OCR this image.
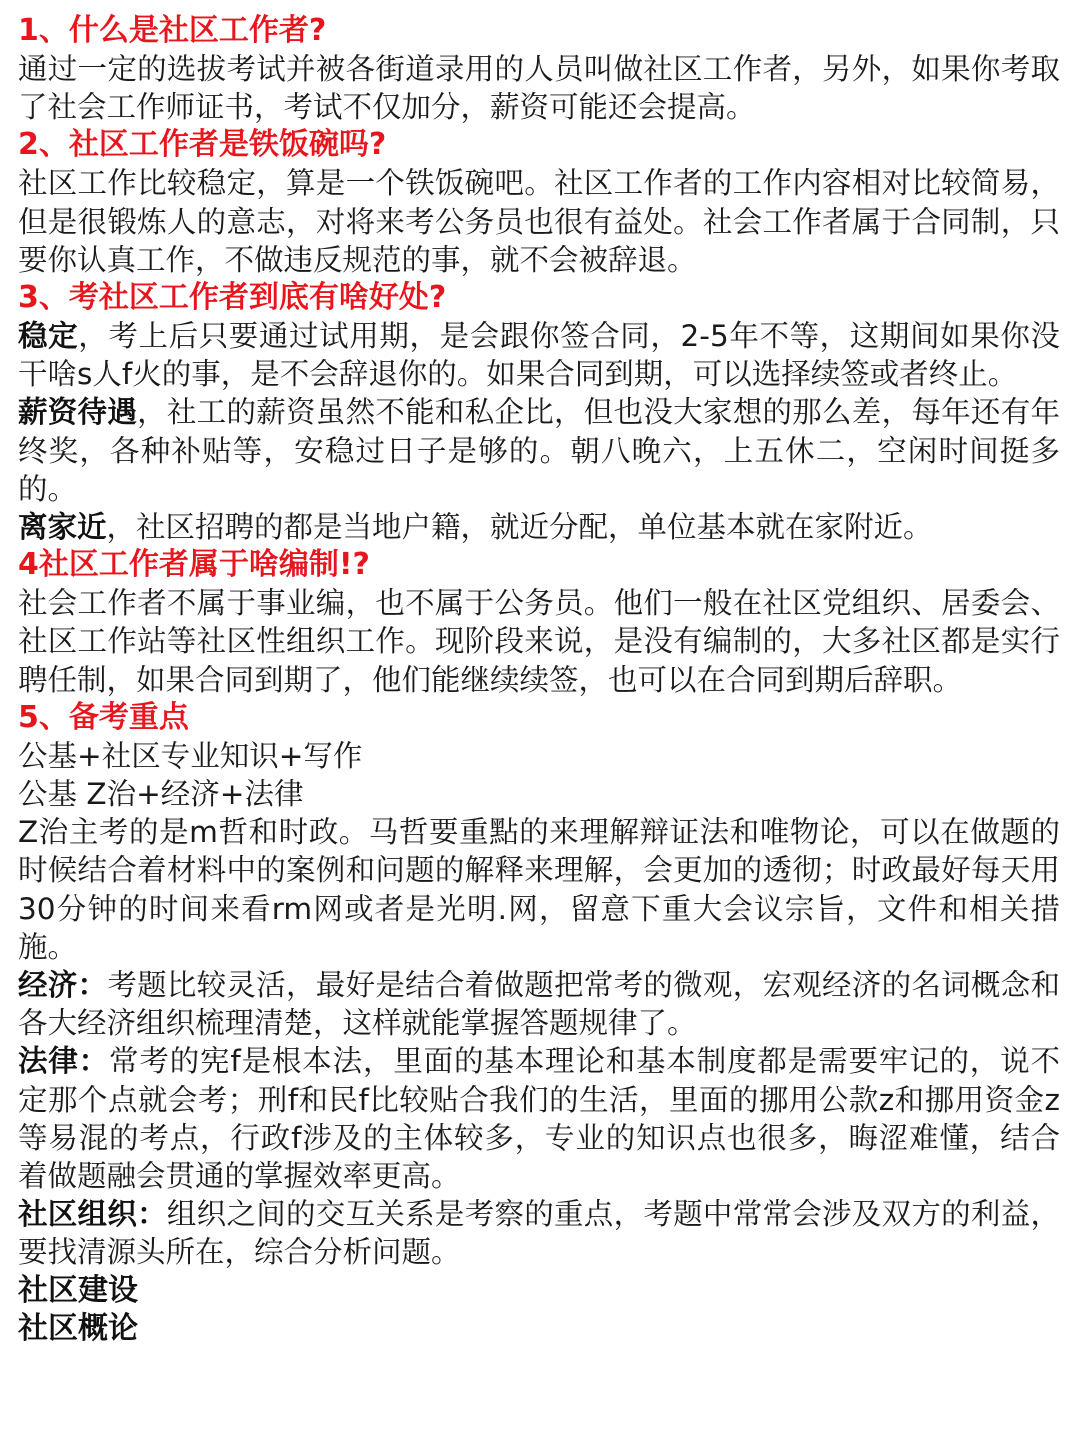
1、什么是社区工作者?

通过一定的选拔考试并被各街道录用的人员叫做社区工作者，另外，如果你考取了社会工作师证书，考试不仅加分，薪资可能还会提高。

2、社区工作者是铁饭碗吗?

社区工作比较稳定，算是一个铁饭碗吧。社区工作者的工作内容相对比较简易，但是很锻炼人的意志，对将来考公务员也很有益处。社会工作者属于合同制，只要你认真工作，不做违反规范的事，就不会被辞退。

3、考社区工作者到底有啥好处?

稳定，考上后只要通过试用期，是会跟你签合同，2-5年不等，这期间如果你没干啥s人f火的事，是不会辞退你的。如果合同到期，可以选择续签或者终止。

薪资待遇，社工的薪资虽然不能和私企比，但也没大家想的那么差，每年还有年终奖，各种补贴等，安稳过日子是够的。朝八晚六，上五休二，空闲时间挺多的。

离家近，社区招聘的都是当地户籍，就近分配，单位基本就在家附近。

4社区工作者属于啥编制!?

社会工作者不属于事业编，也不属于公务员。他们一般在社区党组织、居委会、社区工作站等社区性组织工作。现阶段来说，是没有编制的，大多社区都是实行聘任制，如果合同到期了，他们能继续续签，也可以在合同到期后辞职。

5、备考重点

公基+社区专业知识+写作

公基 Z治+经济+法律

Z治主考的是m哲和时政。马哲要重點的来理解辩证法和唯物论，可以在做题的时候结合着材料中的案例和问题的解释来理解，会更加的透彻；时政最好每天用30分钟的时间来看rm网或者是光明.网，留意下重大会议宗旨，文件和相关措施。

经济：考题比较灵活，最好是结合着做题把常考的微观，宏观经济的名词概念和各大经济组织梳理清楚，这样就能掌握答题规律了。

法律：常考的宪f是根本法，里面的基本理论和基本制度都是需要牢记的，说不定那个点就会考；刑f和民f比较贴合我们的生活，里面的挪用公款z和挪用资金z等易混的考点，行政f涉及的主体较多，专业的知识点也很多，晦涩难懂，结合着做题融会贯通的掌握效率更高。

社区组织：组织之间的交互关系是考察的重点，考题中常常会涉及双方的利益，要找清源头所在，综合分析问题。

社区建设

社区概论
